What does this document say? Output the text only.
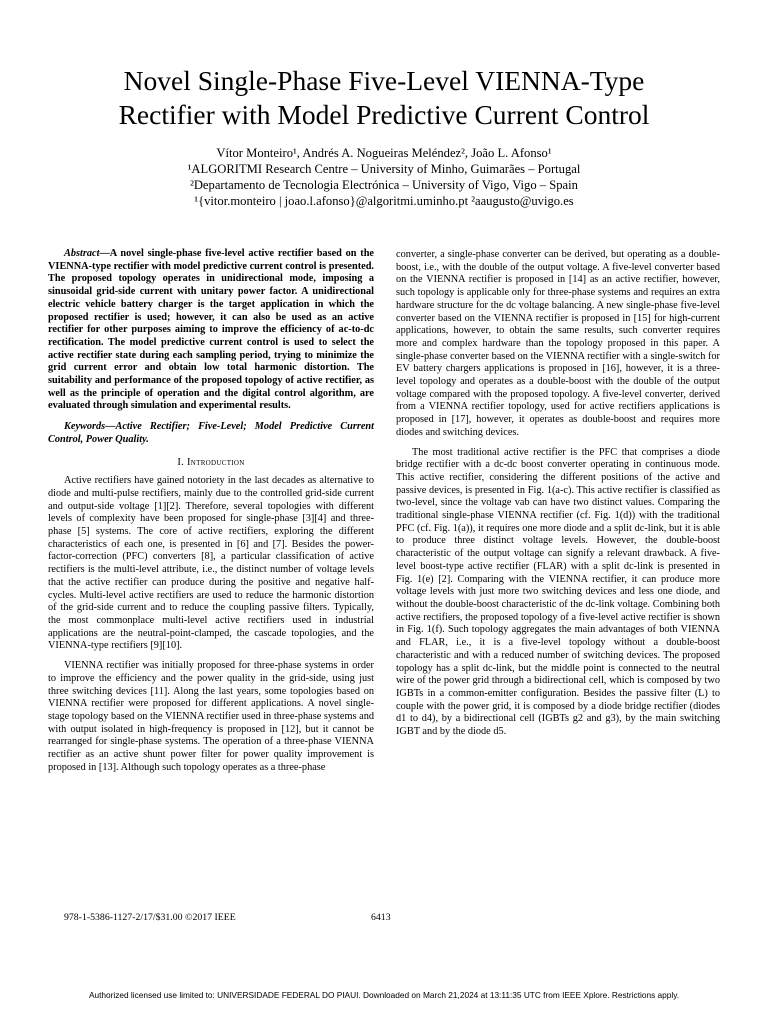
Novel Single-Phase Five-Level VIENNA-Type
Rectifier with Model Predictive Current Control
Vítor Monteiro¹, Andrés A. Nogueiras Meléndez², João L. Afonso¹
¹ALGORITMI Research Centre – University of Minho, Guimarães – Portugal
²Departamento de Tecnologia Electrónica – University of Vigo, Vigo – Spain
¹{vitor.monteiro | joao.l.afonso}@algoritmi.uminho.pt ²aaugusto@uvigo.es

Abstract—A novel single-phase five-level active rectifier based on the VIENNA-type rectifier with model predictive current control is presented. The proposed topology operates in unidirectional mode, imposing a sinusoidal grid-side current with unitary power factor. A unidirectional electric vehicle battery charger is the target application in which the proposed rectifier is used; however, it can also be used as an active rectifier for other purposes aiming to improve the efficiency of ac-to-dc rectification. The model predictive current control is used to select the active rectifier state during each sampling period, trying to minimize the grid current error and obtain low total harmonic distortion. The suitability and performance of the proposed topology of active rectifier, as well as the principle of operation and the digital control algorithm, are evaluated through simulation and experimental results.

Keywords—Active Rectifier; Five-Level; Model Predictive Current Control, Power Quality.

I. Introduction

Active rectifiers have gained notoriety in the last decades as alternative to diode and multi-pulse rectifiers, mainly due to the controlled grid-side current and output-side voltage [1][2]. Therefore, several topologies with different levels of complexity have been proposed for single-phase [3][4] and three-phase [5] systems. The core of active rectifiers, exploring the different characteristics of each one, is presented in [6] and [7]. Besides the power-factor-correction (PFC) converters [8], a particular classification of active rectifiers is the multi-level attribute, i.e., the distinct number of voltage levels that the active rectifier can produce during the positive and negative half-cycles. Multi-level active rectifiers are used to reduce the harmonic distortion of the grid-side current and to reduce the coupling passive filters. Typically, the most commonplace multi-level active rectifiers used in industrial applications are the neutral-point-clamped, the cascade topologies, and the VIENNA-type rectifiers [9][10].

VIENNA rectifier was initially proposed for three-phase systems in order to improve the efficiency and the power quality in the grid-side, using just three switching devices [11]. Along the last years, some topologies based on VIENNA rectifier were proposed for different applications. A novel single-stage topology based on the VIENNA rectifier used in three-phase systems and with output isolated in high-frequency is proposed in [12], but it cannot be rearranged for single-phase systems. The operation of a three-phase VIENNA rectifier as an active shunt power filter for power quality improvement is proposed in [13]. Although such topology operates as a three-phase

converter, a single-phase converter can be derived, but operating as a double-boost, i.e., with the double of the output voltage. A five-level converter based on the VIENNA rectifier is proposed in [14] as an active rectifier, however, such topology is applicable only for three-phase systems and requires an extra hardware structure for the dc voltage balancing. A new single-phase five-level converter based on the VIENNA rectifier is proposed in [15] for high-current applications, however, to obtain the same results, such converter requires more and complex hardware than the topology proposed in this paper. A single-phase converter based on the VIENNA rectifier with a single-switch for EV battery chargers applications is proposed in [16], however, it is a three-level topology and operates as a double-boost with the double of the output voltage compared with the proposed topology. A five-level converter, derived from a VIENNA rectifier topology, used for active rectifiers applications is proposed in [17], however, it operates as double-boost and requires more diodes and switching devices.

The most traditional active rectifier is the PFC that comprises a diode bridge rectifier with a dc-dc boost converter operating in continuous mode. This active rectifier, considering the different positions of the active and passive devices, is presented in Fig. 1(a-c). This active rectifier is classified as two-level, since the voltage vab can have two distinct values. Comparing the traditional single-phase VIENNA rectifier (cf. Fig. 1(d)) with the traditional PFC (cf. Fig. 1(a)), it requires one more diode and a split dc-link, but it is able to produce three distinct voltage levels. However, the double-boost characteristic of the output voltage can signify a relevant drawback. A five-level boost-type active rectifier (FLAR) with a split dc-link is presented in Fig. 1(e) [2]. Comparing with the VIENNA rectifier, it can produce more voltage levels with just more two switching devices and less one diode, and without the double-boost characteristic of the dc-link voltage. Combining both active rectifiers, the proposed topology of a five-level active rectifier is shown in Fig. 1(f). Such topology aggregates the main advantages of both VIENNA and FLAR, i.e., it is a five-level topology without a double-boost characteristic and with a reduced number of switching devices. The proposed topology has a split dc-link, but the middle point is connected to the neutral wire of the power grid through a bidirectional cell, which is composed by two IGBTs in a common-emitter configuration. Besides the passive filter (L) to couple with the power grid, it is composed by a diode bridge rectifier (diodes d1 to d4), by a bidirectional cell (IGBTs g2 and g3), by the main switching IGBT and by the diode d5.

978-1-5386-1127-2/17/$31.00 ©2017 IEEE	6413
Authorized licensed use limited to: UNIVERSIDADE FEDERAL DO PIAUI. Downloaded on March 21,2024 at 13:11:35 UTC from IEEE Xplore. Restrictions apply.
